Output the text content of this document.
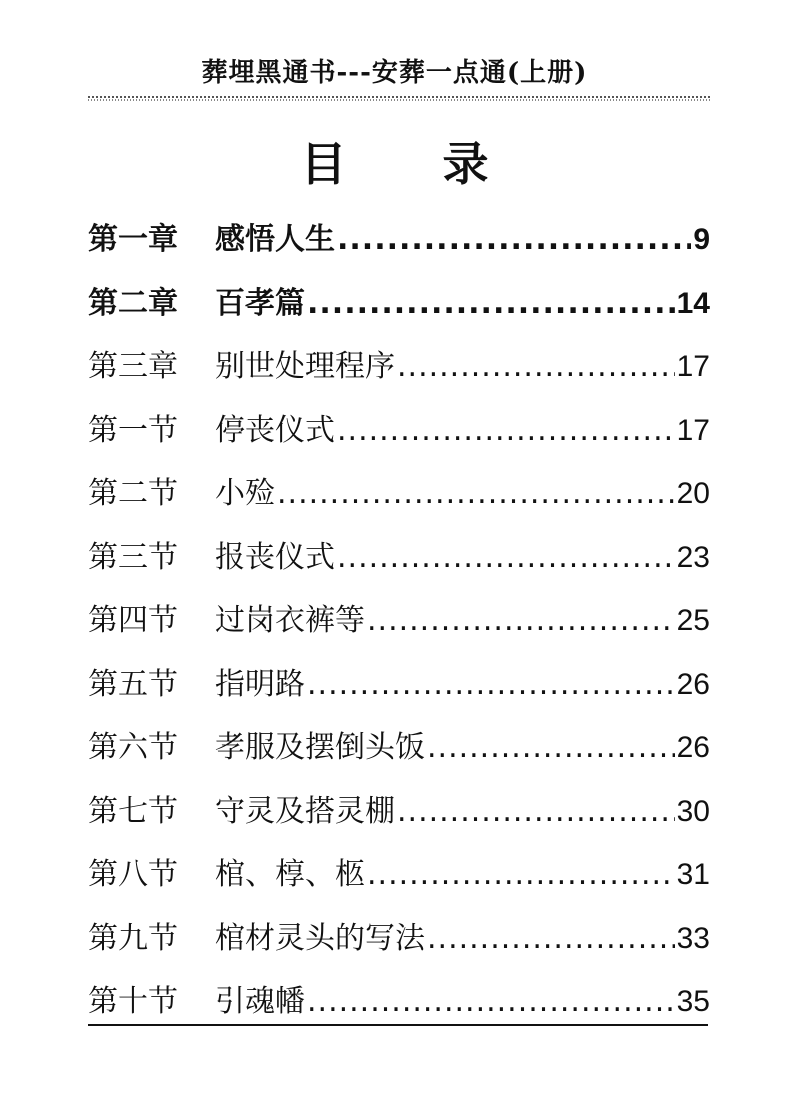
葬埋黑通书---安葬一点通(上册)
目 录
第一章	感悟人生 .....	9
第二章	百孝篇 .....	14
第三章	别世处理程序 .....	17
第一节	停丧仪式 .....	17
第二节	小殓 .....	20
第三节	报丧仪式 .....	23
第四节	过岗衣裤等 .....	25
第五节	指明路 .....	26
第六节	孝服及摆倒头饭 .....	26
第七节	守灵及搭灵棚 .....	30
第八节	棺、椁、柩 .....	31
第九节	棺材灵头的写法 .....	33
第十节	引魂幡 .....	35
